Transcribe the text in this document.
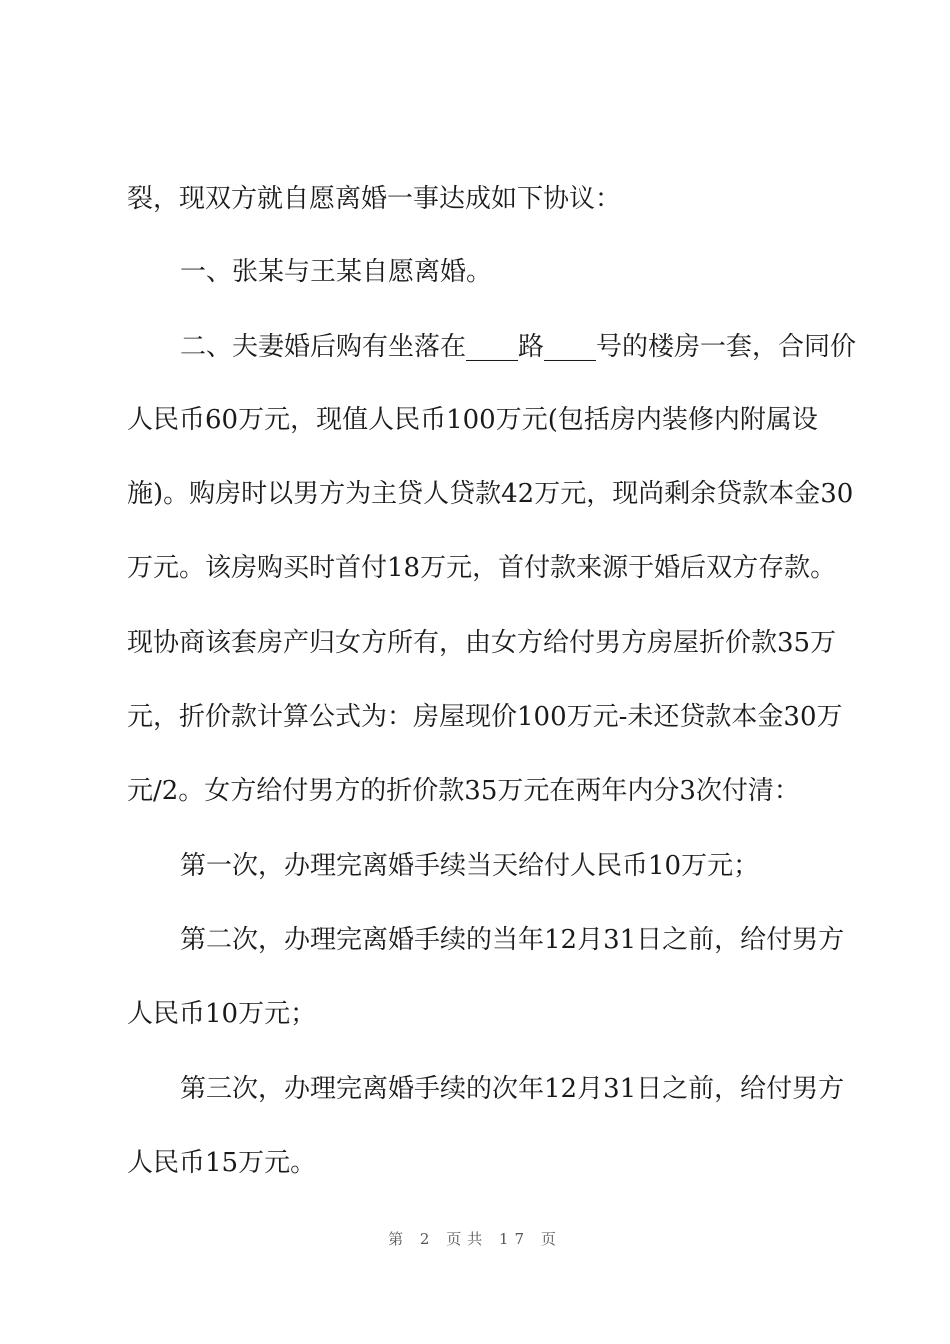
裂，现双方就自愿离婚一事达成如下协议：
一、张某与王某自愿离婚。
二、夫妻婚后购有坐落在____路____号的楼房一套，合同价
人民币60万元，现值人民币100万元(包括房内装修内附属设
施)。购房时以男方为主贷人贷款42万元，现尚剩余贷款本金30
万元。该房购买时首付18万元，首付款来源于婚后双方存款。
现协商该套房产归女方所有，由女方给付男方房屋折价款35万
元，折价款计算公式为：房屋现价100万元-未还贷款本金30万
元/2。女方给付男方的折价款35万元在两年内分3次付清：
第一次，办理完离婚手续当天给付人民币10万元；
第二次，办理完离婚手续的当年12月31日之前，给付男方
人民币10万元；
第三次，办理完离婚手续的次年12月31日之前，给付男方
人民币15万元。
第 2 页共 17 页
